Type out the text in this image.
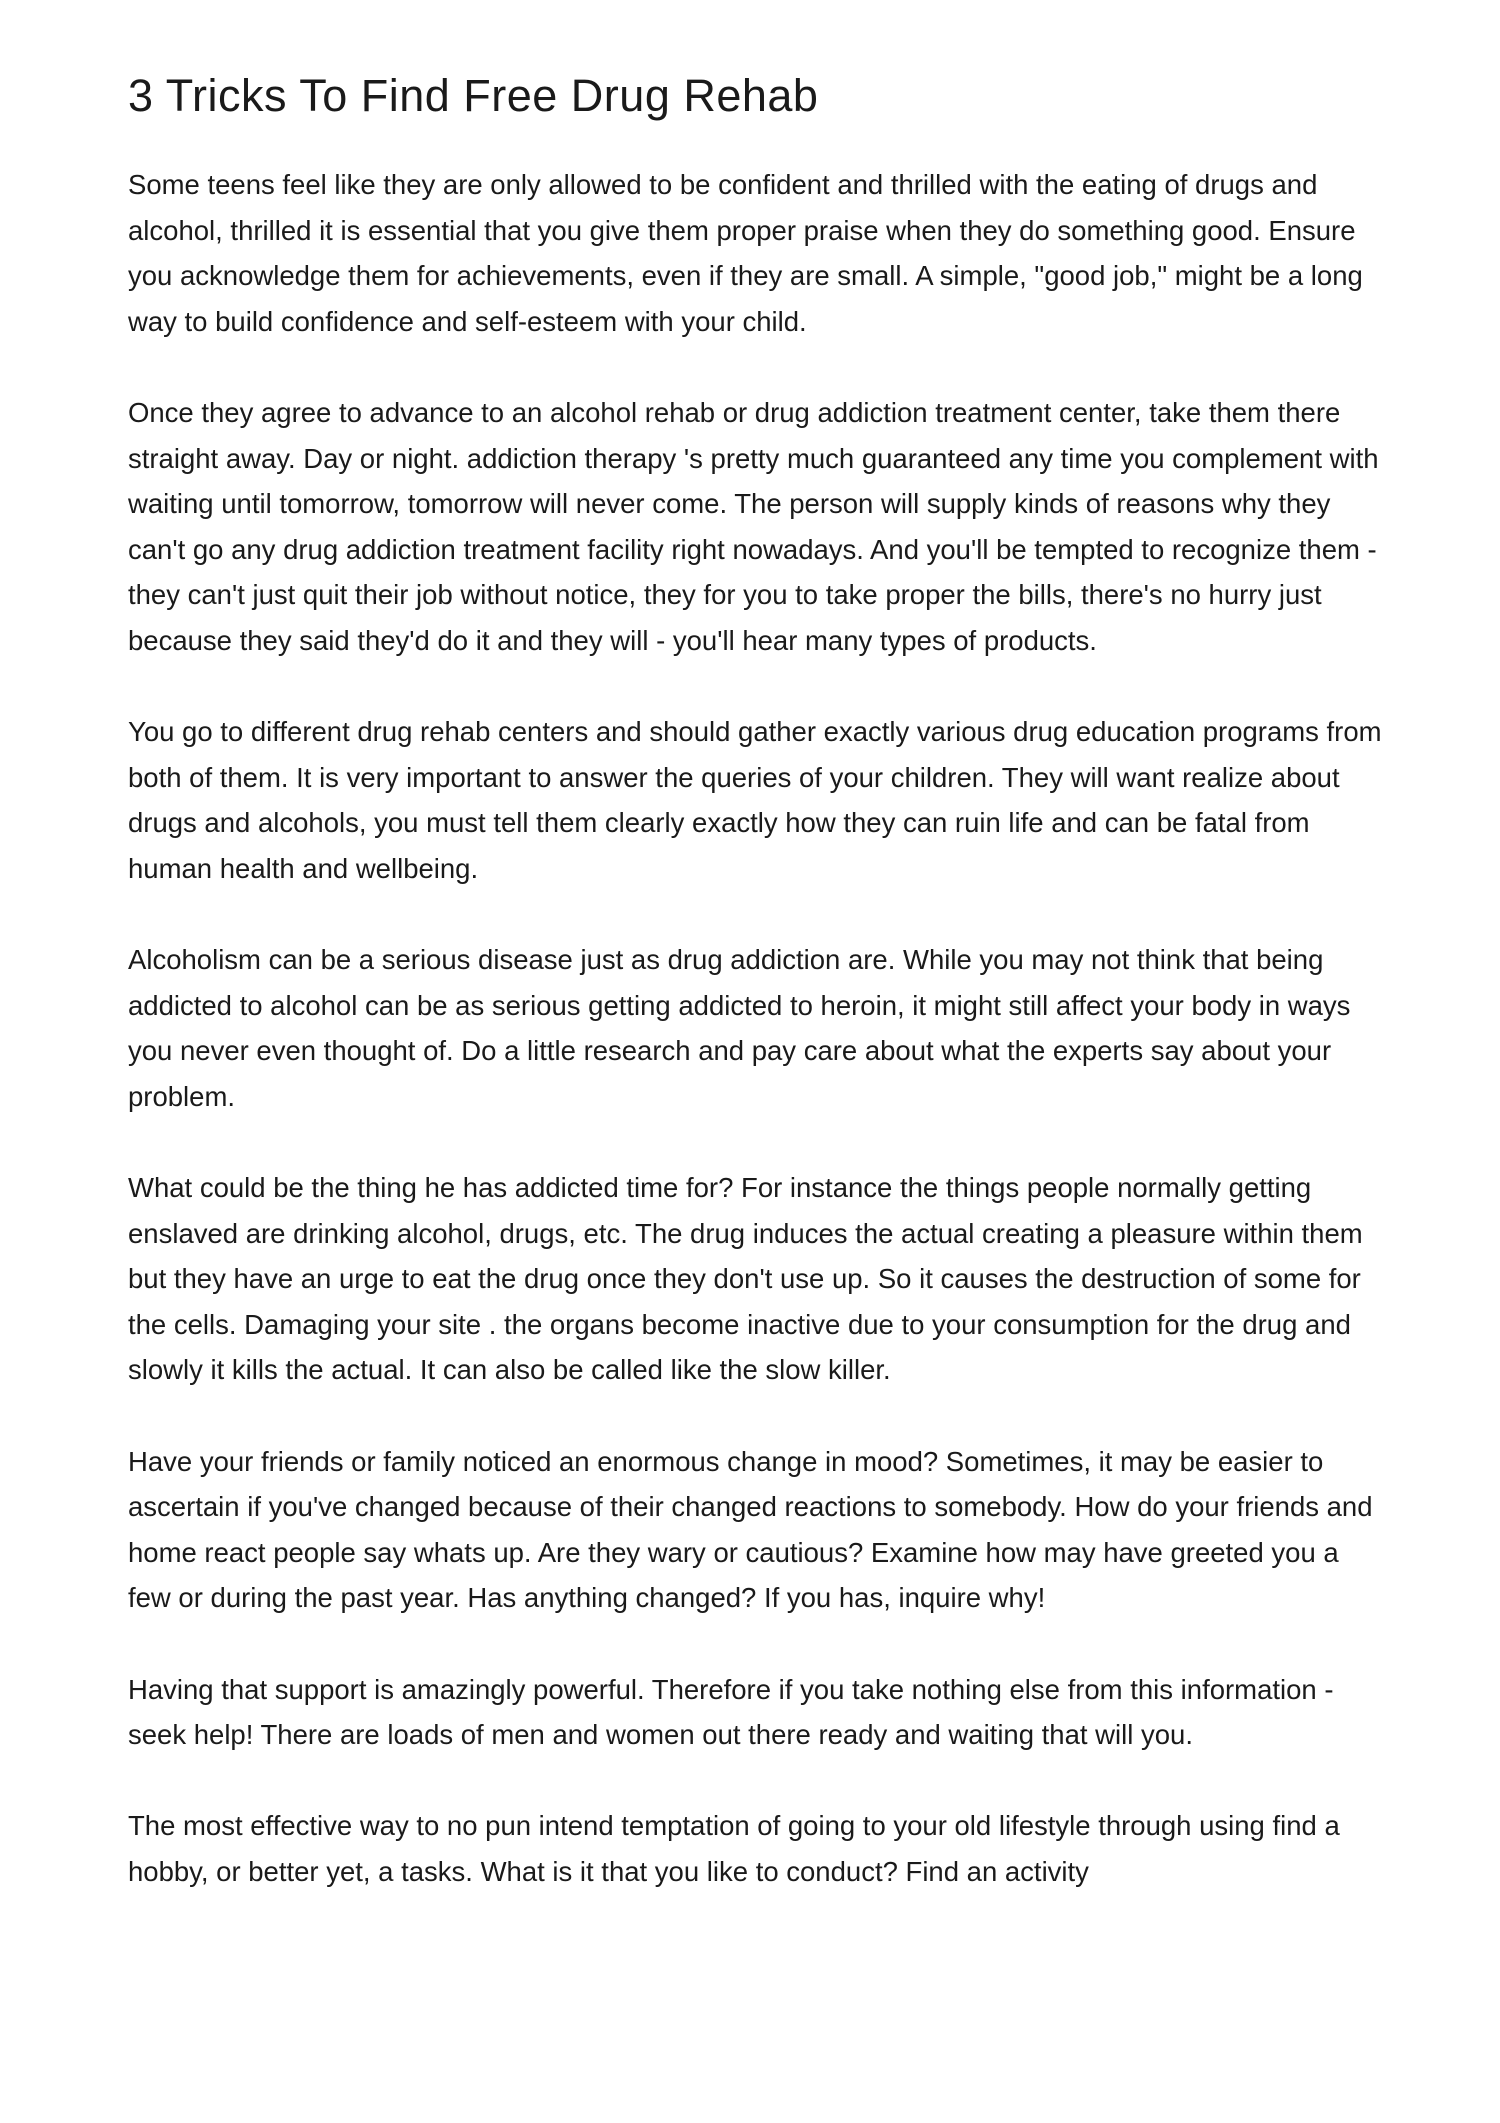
3 Tricks To Find Free Drug Rehab

Some teens feel like they are only allowed to be confident and thrilled with the eating of drugs and alcohol, thrilled it is essential that you give them proper praise when they do something good. Ensure you acknowledge them for achievements, even if they are small. A simple, "good job," might be a long way to build confidence and self-esteem with your child.

Once they agree to advance to an alcohol rehab or drug addiction treatment center, take them there straight away. Day or night. addiction therapy 's pretty much guaranteed any time you complement with waiting until tomorrow, tomorrow will never come. The person will supply kinds of reasons why they can't go any drug addiction treatment facility right nowadays. And you'll be tempted to recognize them - they can't just quit their job without notice, they for you to take proper the bills, there's no hurry just because they said they'd do it and they will - you'll hear many types of products.

You go to different drug rehab centers and should gather exactly various drug education programs from both of them. It is very important to answer the queries of your children. They will want realize about drugs and alcohols, you must tell them clearly exactly how they can ruin life and can be fatal from human health and wellbeing.

Alcoholism can be a serious disease just as drug addiction are. While you may not think that being addicted to alcohol can be as serious getting addicted to heroin, it might still affect your body in ways you never even thought of. Do a little research and pay care about what the experts say about your problem.

What could be the thing he has addicted time for? For instance the things people normally getting enslaved are drinking alcohol, drugs, etc. The drug induces the actual creating a pleasure within them but they have an urge to eat the drug once they don't use up. So it causes the destruction of some for the cells. Damaging your site . the organs become inactive due to your consumption for the drug and slowly it kills the actual. It can also be called like the slow killer.

Have your friends or family noticed an enormous change in mood? Sometimes, it may be easier to ascertain if you've changed because of their changed reactions to somebody. How do your friends and home react people say whats up. Are they wary or cautious? Examine how may have greeted you a few or during the past year. Has anything changed? If you has, inquire why!

Having that support is amazingly powerful. Therefore if you take nothing else from this information - seek help! There are loads of men and women out there ready and waiting that will you.

The most effective way to no pun intend temptation of going to your old lifestyle through using find a hobby, or better yet, a tasks. What is it that you like to conduct? Find an activity
